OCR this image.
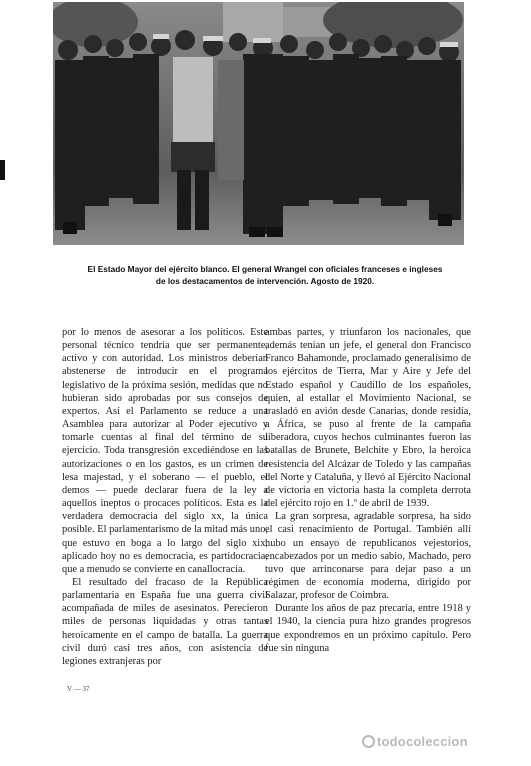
El Estado Mayor del ejército blanco. El general Wrangel con oficiales franceses e ingleses
de los destacamentos de intervención. Agosto de 1920.

por lo menos de asesorar a los políticos. Este personal técnico tendría que ser permanente, activo y con autoridad. Los ministros deberían abstenerse de introducir en el programa legislativo de la próxima sesión, medidas que no hubieran sido aprobadas por sus consejos de expertos. Así el Parlamento se reduce a una Asamblea para autorizar al Poder ejecutivo y tomarle cuentas al final del término de su ejercicio. Toda transgresión excediéndose en las autorizaciones o en los gastos, es un crimen de lesa majestad, y el soberano — el pueblo, el demos — puede declarar fuera de la ley a aquellos ineptos o procaces políticos. Esta es la verdadera democracia del siglo xx, la única posible. El parlamentarismo de la mitad más uno, que estuvo en boga a lo largo del siglo xix, aplicado hoy no es democracia, es partidocracia, que a menudo se convierte en canallocracia.

El resultado del fracaso de la República parlamentaria en España fue una guerra civil acompañada de miles de asesinatos. Perecieron miles de personas liquidadas y otras tantas heroicamente en el campo de batalla. La guerra civil duró casi tres años, con asistencia de legiones extranjeras por

ambas partes, y triunfaron los nacionales, que además tenían un jefe, el general don Francisco Franco Bahamonde, proclamado generalísimo de los ejércitos de Tierra, Mar y Aire y Jefe del Estado español y Caudillo de los españoles, quien, al estallar el Movimiento Nacional, se trasladó en avión desde Canarias, donde residía, a África, se puso al frente de la campaña liberadora, cuyos hechos culminantes fueron las batallas de Brunete, Belchite y Ebro, la heroica resistencia del Alcázar de Toledo y las campañas del Norte y Cataluña, y llevó al Ejército Nacional de victoria en victoria hasta la completa derrota del ejército rojo en 1.º de abril de 1939.

La gran sorpresa, agradable sorpresa, ha sido el casi renacimiento de Portugal. También allí hubo un ensayo de republicanos vejestorios, encabezados por un medio sabio, Machado, pero tuvo que arrinconarse para dejar paso a un régimen de economía moderna, dirigido por Salazar, profesor de Coimbra.

Durante los años de paz precaria, entre 1918 y el 1940, la ciencia pura hizo grandes progresos que expondremos en un próximo capítulo. Pero fue sin ninguna

V — 37
todocoleccion
